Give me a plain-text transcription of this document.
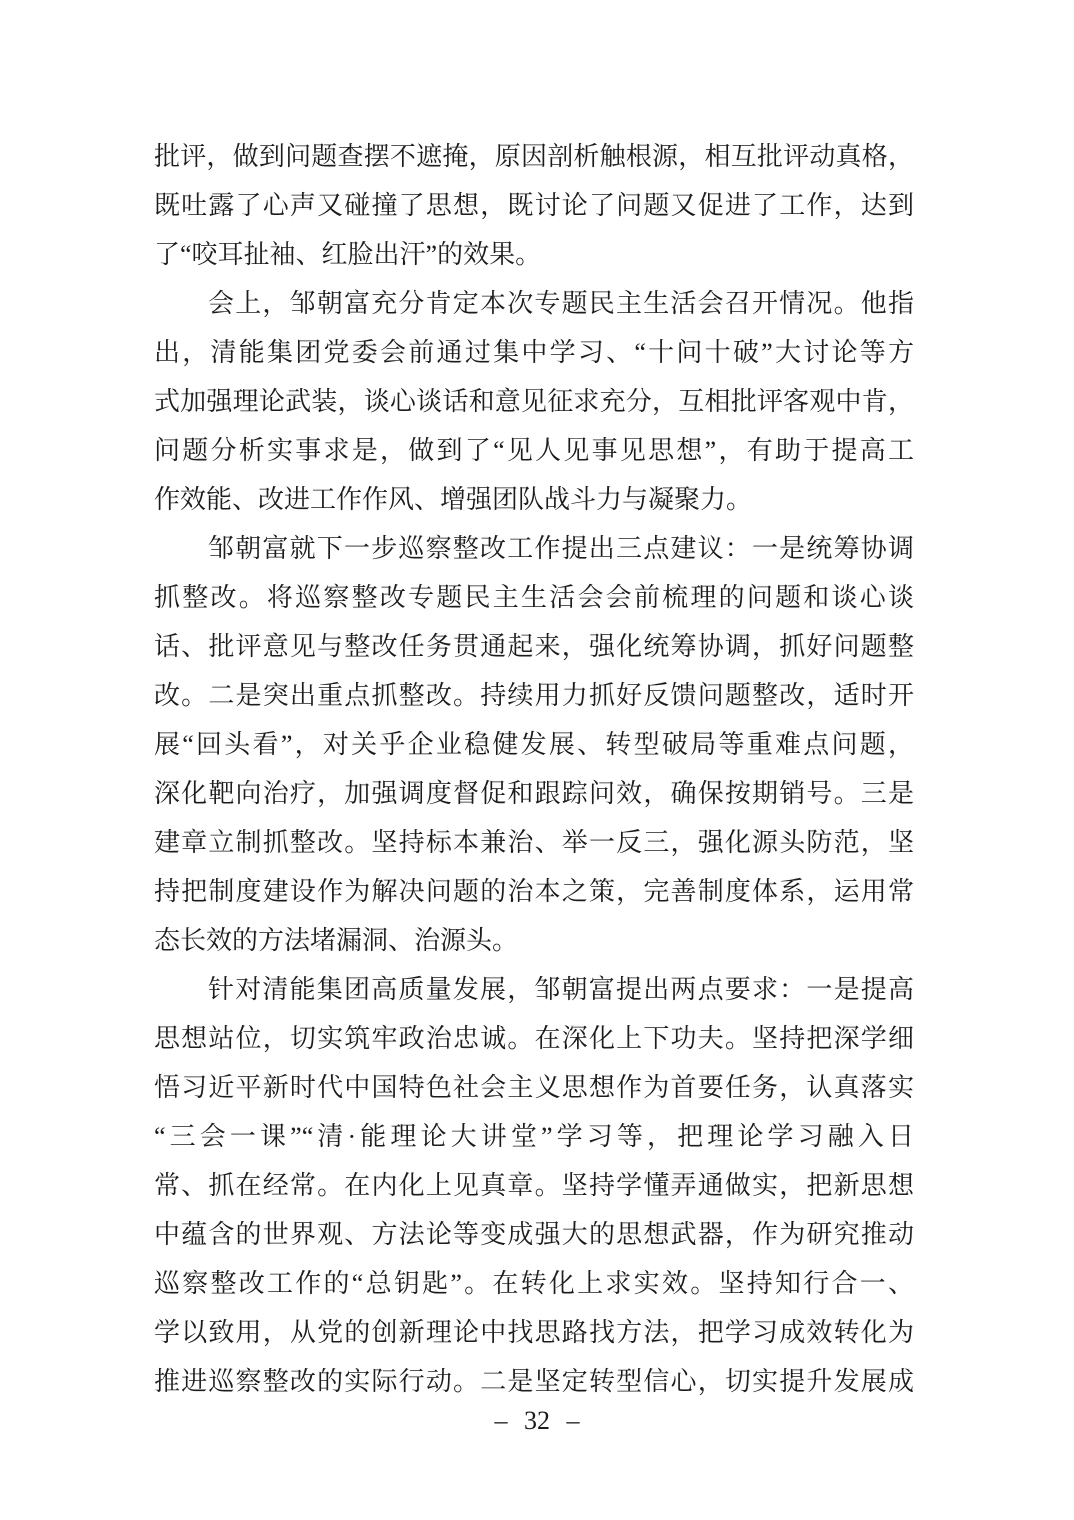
批评，做到问题查摆不遮掩，原因剖析触根源，相互批评动真格，
既吐露了心声又碰撞了思想，既讨论了问题又促进了工作，达到
了“咬耳扯袖、红脸出汗”的效果。
会上，邹朝富充分肯定本次专题民主生活会召开情况。他指
出，清能集团党委会前通过集中学习、“十问十破”大讨论等方
式加强理论武装，谈心谈话和意见征求充分，互相批评客观中肯，
问题分析实事求是，做到了“见人见事见思想”，有助于提高工
作效能、改进工作作风、增强团队战斗力与凝聚力。
邹朝富就下一步巡察整改工作提出三点建议：一是统筹协调
抓整改。将巡察整改专题民主生活会会前梳理的问题和谈心谈
话、批评意见与整改任务贯通起来，强化统筹协调，抓好问题整
改。二是突出重点抓整改。持续用力抓好反馈问题整改，适时开
展“回头看”，对关乎企业稳健发展、转型破局等重难点问题，
深化靶向治疗，加强调度督促和跟踪问效，确保按期销号。三是
建章立制抓整改。坚持标本兼治、举一反三，强化源头防范，坚
持把制度建设作为解决问题的治本之策，完善制度体系，运用常
态长效的方法堵漏洞、治源头。
针对清能集团高质量发展，邹朝富提出两点要求：一是提高
思想站位，切实筑牢政治忠诚。在深化上下功夫。坚持把深学细
悟习近平新时代中国特色社会主义思想作为首要任务，认真落实
“三会一课”“清·能理论大讲堂”学习等，把理论学习融入日
常、抓在经常。在内化上见真章。坚持学懂弄通做实，把新思想
中蕴含的世界观、方法论等变成强大的思想武器，作为研究推动
巡察整改工作的“总钥匙”。在转化上求实效。坚持知行合一、
学以致用，从党的创新理论中找思路找方法，把学习成效转化为
推进巡察整改的实际行动。二是坚定转型信心，切实提升发展成
– 32 –
